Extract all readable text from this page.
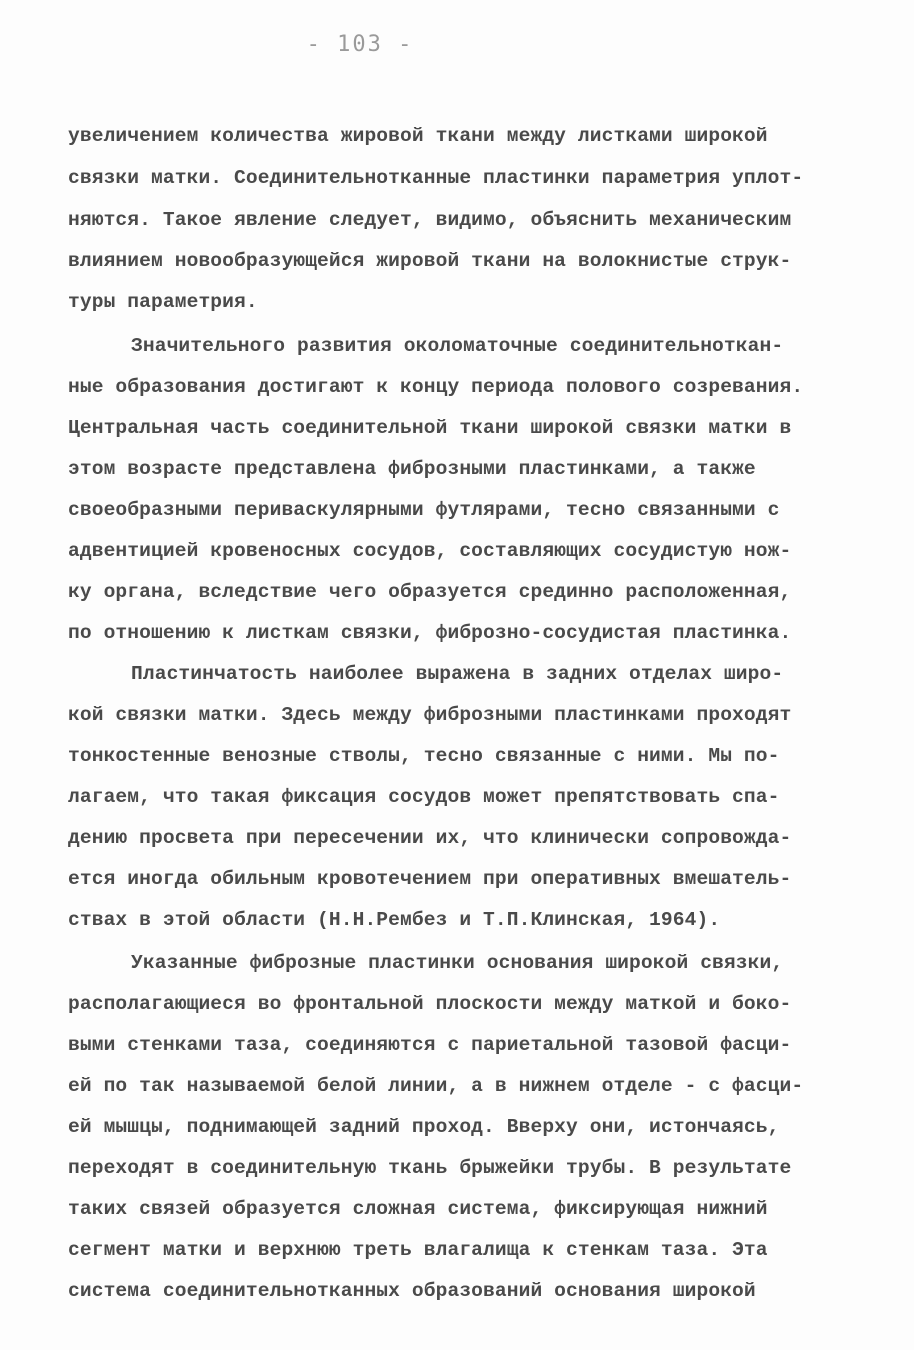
- 103 -
увеличением количества жировой ткани между листками широкой
связки матки. Соединительнотканные пластинки параметрия уплот-
няются. Такое явление следует, видимо, объяснить механическим
влиянием новообразующейся жировой ткани на волокнистые струк-
туры параметрия.
Значительного развития околоматочные соединительноткан-
ные образования достигают к концу периода полового созревания.
Центральная часть соединительной ткани широкой связки матки в
этом возрасте представлена фиброзными пластинками, а также
своеобразными периваскулярными футлярами, тесно связанными с
адвентицией кровеносных сосудов, составляющих сосудистую нож-
ку органа, вследствие чего образуется срединно расположенная,
по отношению к листкам связки, фиброзно-сосудистая пластинка.
Пластинчатость наиболее выражена в задних отделах широ-
кой связки матки. Здесь между фиброзными пластинками проходят
тонкостенные венозные стволы, тесно связанные с ними. Мы по-
лагаем, что такая фиксация сосудов может препятствовать спа-
дению просвета при пересечении их, что клинически сопровожда-
ется иногда обильным кровотечением при оперативных вмешатель-
ствах в этой области (Н.Н.Рембез и Т.П.Клинская, 1964).
Указанные фиброзные пластинки основания широкой связки,
располагающиеся во фронтальной плоскости между маткой и боко-
выми стенками таза, соединяются с париетальной тазовой фасци-
ей по так называемой белой линии, а в нижнем отделе - с фасци-
ей мышцы, поднимающей задний проход. Вверху они, истончаясь,
переходят в соединительную ткань брыжейки трубы. В результате
таких связей образуется сложная система, фиксирующая нижний
сегмент матки и верхнюю треть влагалища к стенкам таза. Эта
система соединительнотканных образований основания широкой
